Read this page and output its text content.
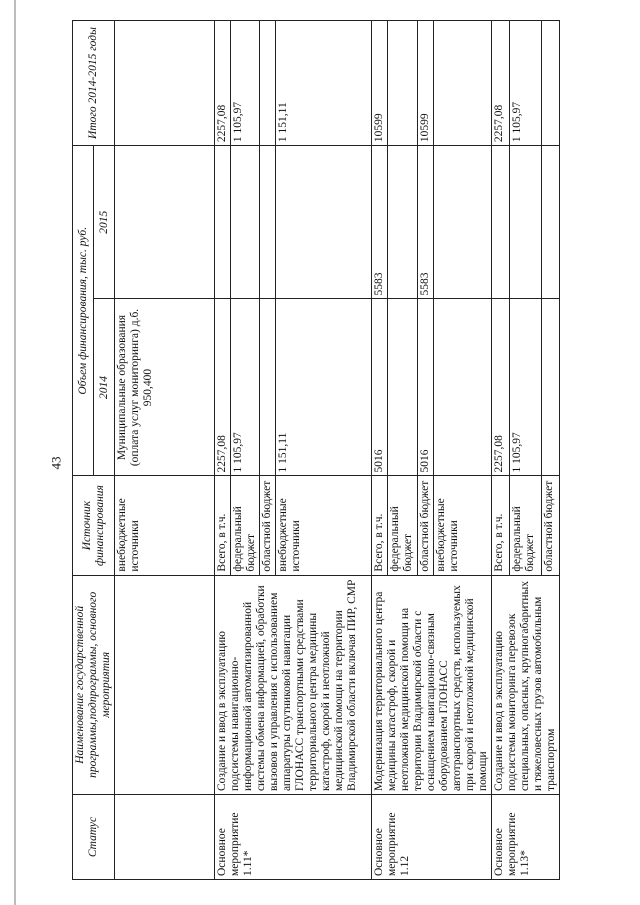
43
Статус	Наименование государственной программы,подпрограммы, основного мероприятия	Источник финансирования	Объем финансирования, тыс. руб.		Итого 2014-2015 годы
			2014	2015	
		внебюджетные источники	Муниципальные образования (оплата услуг мониторинга) д.б. 950,400		
Основное мероприятие 1.11*	Создание и ввод в эксплуатацию подсистемы навигационно-информационной автоматизированной системы обмена информацией, обработки вызовов и управления с использованием аппаратуры спутниковой навигации ГЛОНАСС транспортными средствами территориального центра медицины катастроф, скорой и неотложной медицинской помощи на территории Владимирской области включая ПИР, СМР	Всего, в т.ч.	2257,08		2257,08
		федеральный бюджет	1 105,97		1 105,97
		областной бюджет			
		внебюджетные источники	1 151,11		1 151,11
Основное мероприятие 1.12	Модернизация территориального центра медицины катастроф, скорой и неотложной медицинской помощи на территории Владимирской области с оснащением навигационно-связным оборудованием ГЛОНАСС автотранспортных средств, используемых при скорой и неотложной медицинской помощи	Всего, в т.ч.	5016	5583	10599
		федеральный бюджет			
		областной бюджет	5016	5583	10599
		внебюджетные источники			
Основное мероприятие 1.13*	Создание и ввод в эксплуатацию подсистемы мониторинга перевозок специальных, опасных, крупногабаритных и тяжеловесных грузов автомобильным транспортом	Всего, в т.ч.	2257,08		2257,08
		федеральный бюджет	1 105,97		1 105,97
		областной бюджет			
